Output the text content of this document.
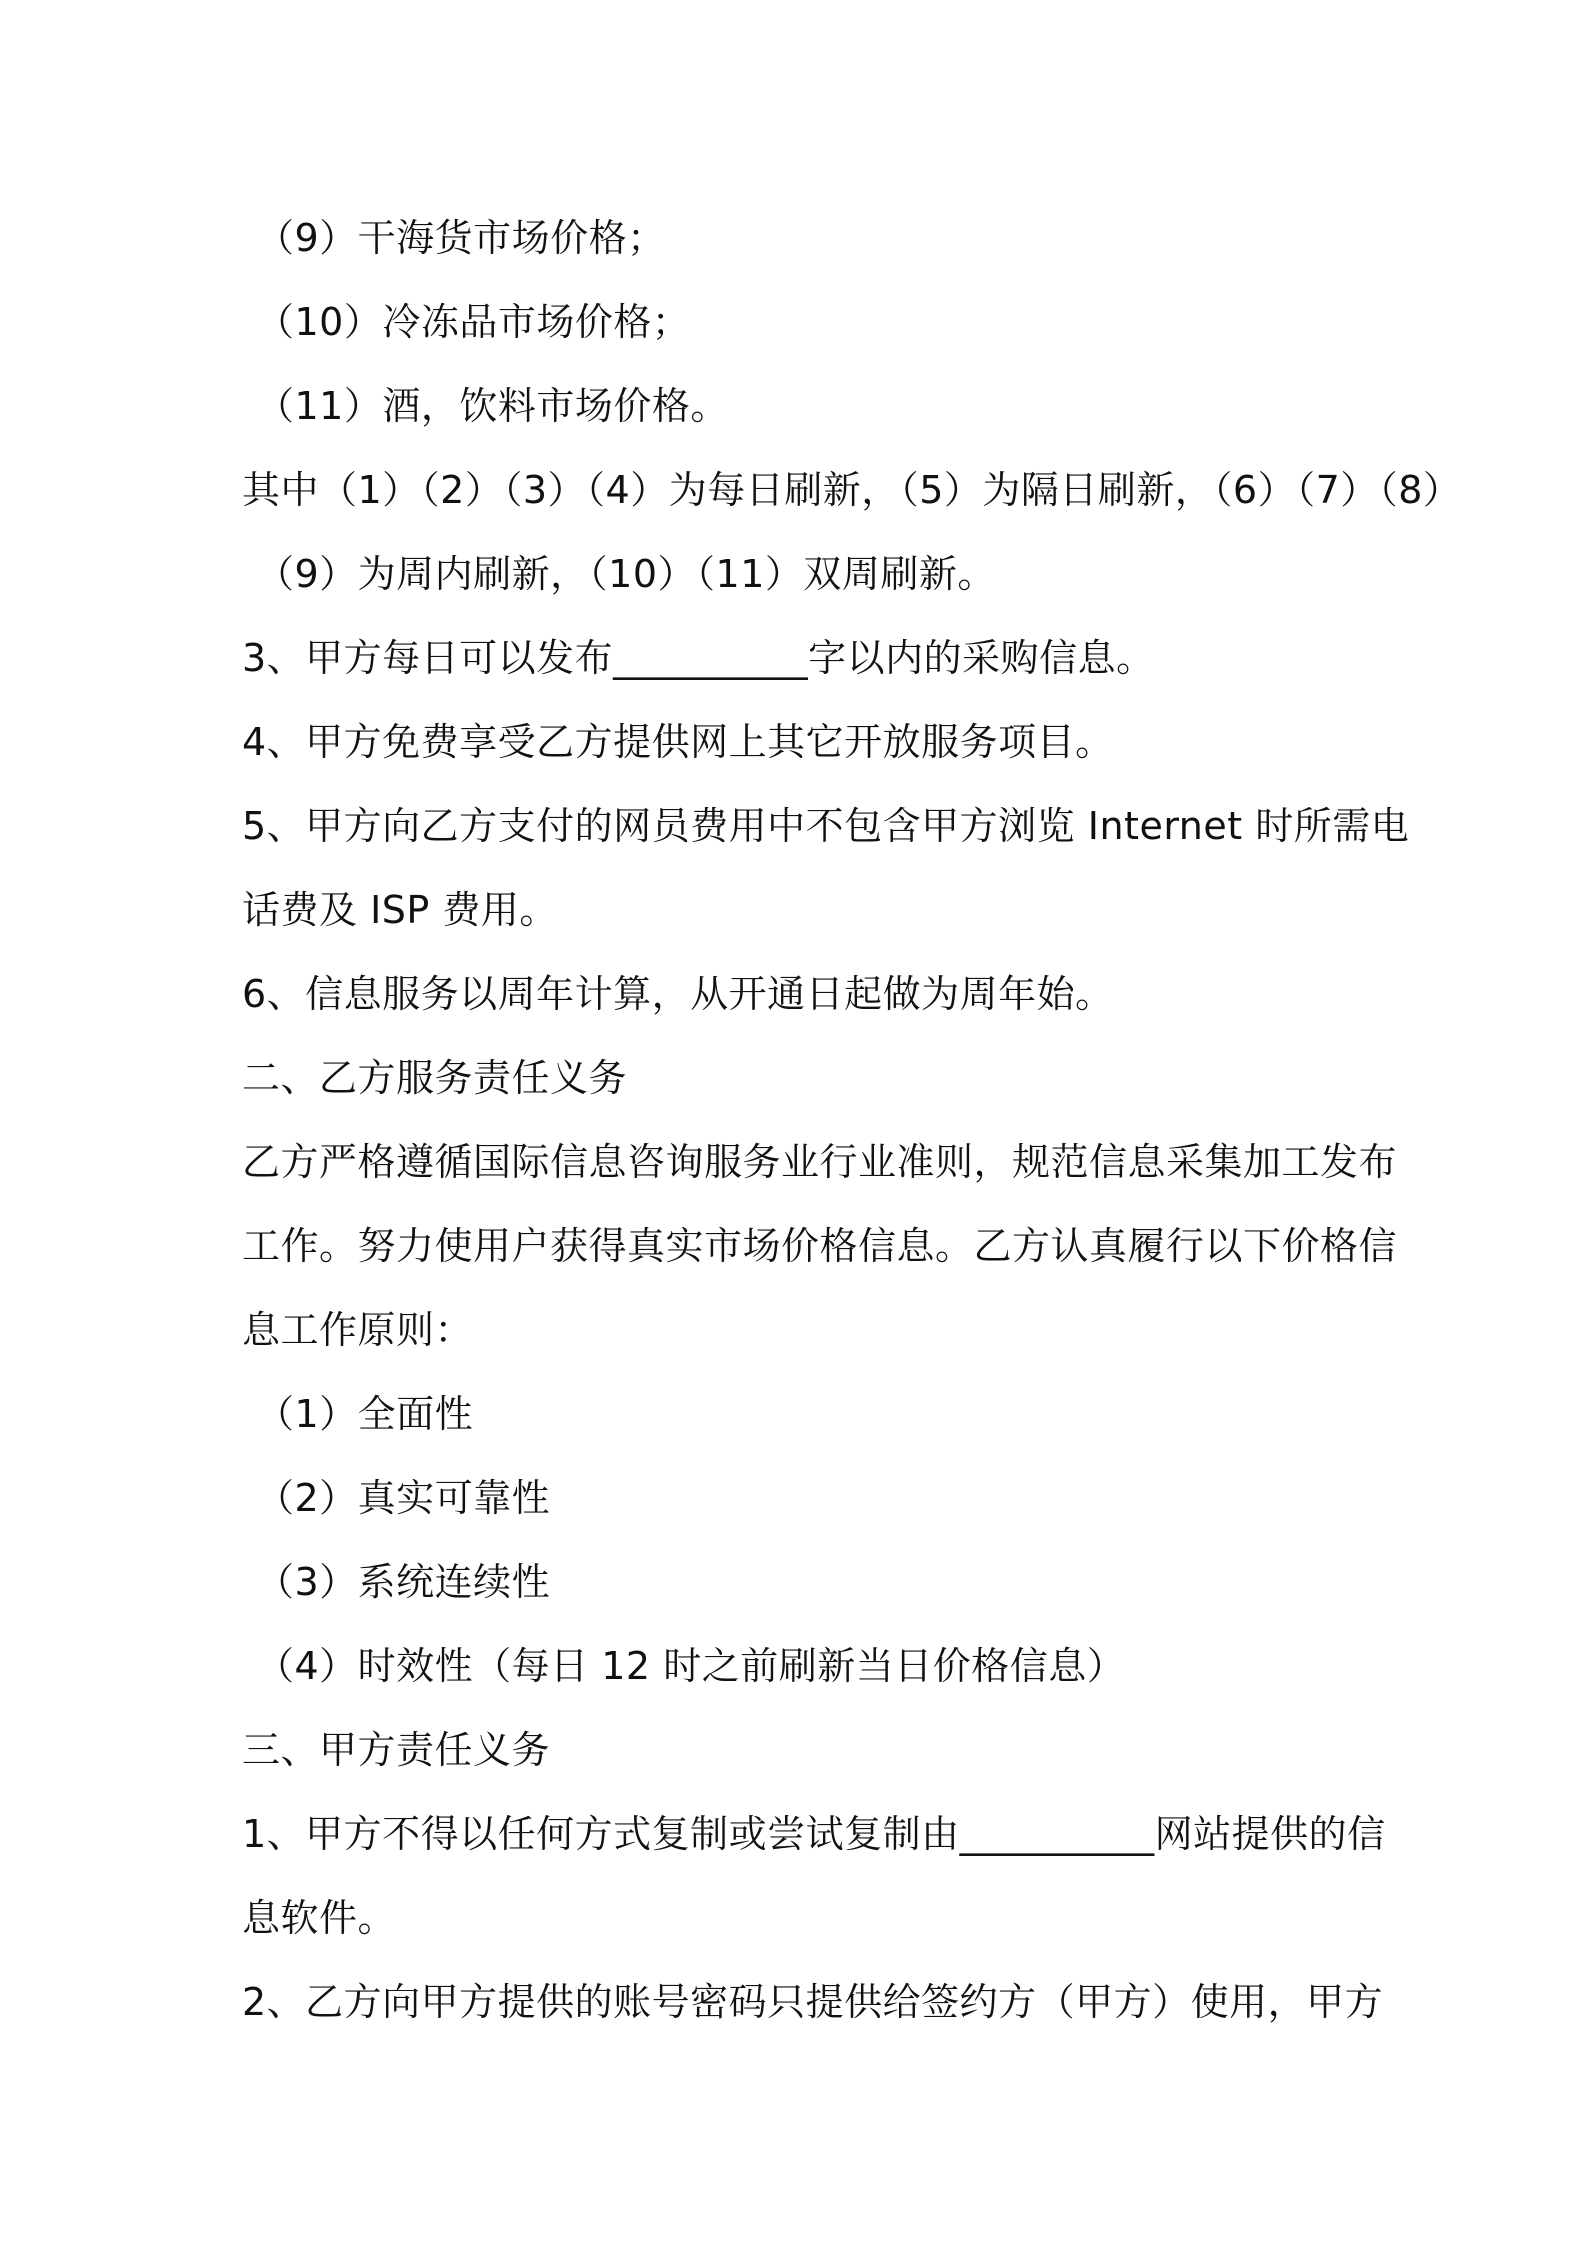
（9）干海货市场价格；
（10）冷冻品市场价格；
（11）酒，饮料市场价格。
其中（1）（2）（3）（4）为每日刷新，（5）为隔日刷新，（6）（7）（8）
（9）为周内刷新，（10）（11）双周刷新。
3、甲方每日可以发布__________字以内的采购信息。
4、甲方免费享受乙方提供网上其它开放服务项目。
5、甲方向乙方支付的网员费用中不包含甲方浏览 Internet 时所需电
话费及 ISP 费用。
6、信息服务以周年计算，从开通日起做为周年始。
二、乙方服务责任义务
乙方严格遵循国际信息咨询服务业行业准则，规范信息采集加工发布
工作。努力使用户获得真实市场价格信息。乙方认真履行以下价格信
息工作原则：
（1）全面性
（2）真实可靠性
（3）系统连续性
（4）时效性（每日 12 时之前刷新当日价格信息）
三、甲方责任义务
1、甲方不得以任何方式复制或尝试复制由__________网站提供的信
息软件。
2、乙方向甲方提供的账号密码只提供给签约方（甲方）使用，甲方
